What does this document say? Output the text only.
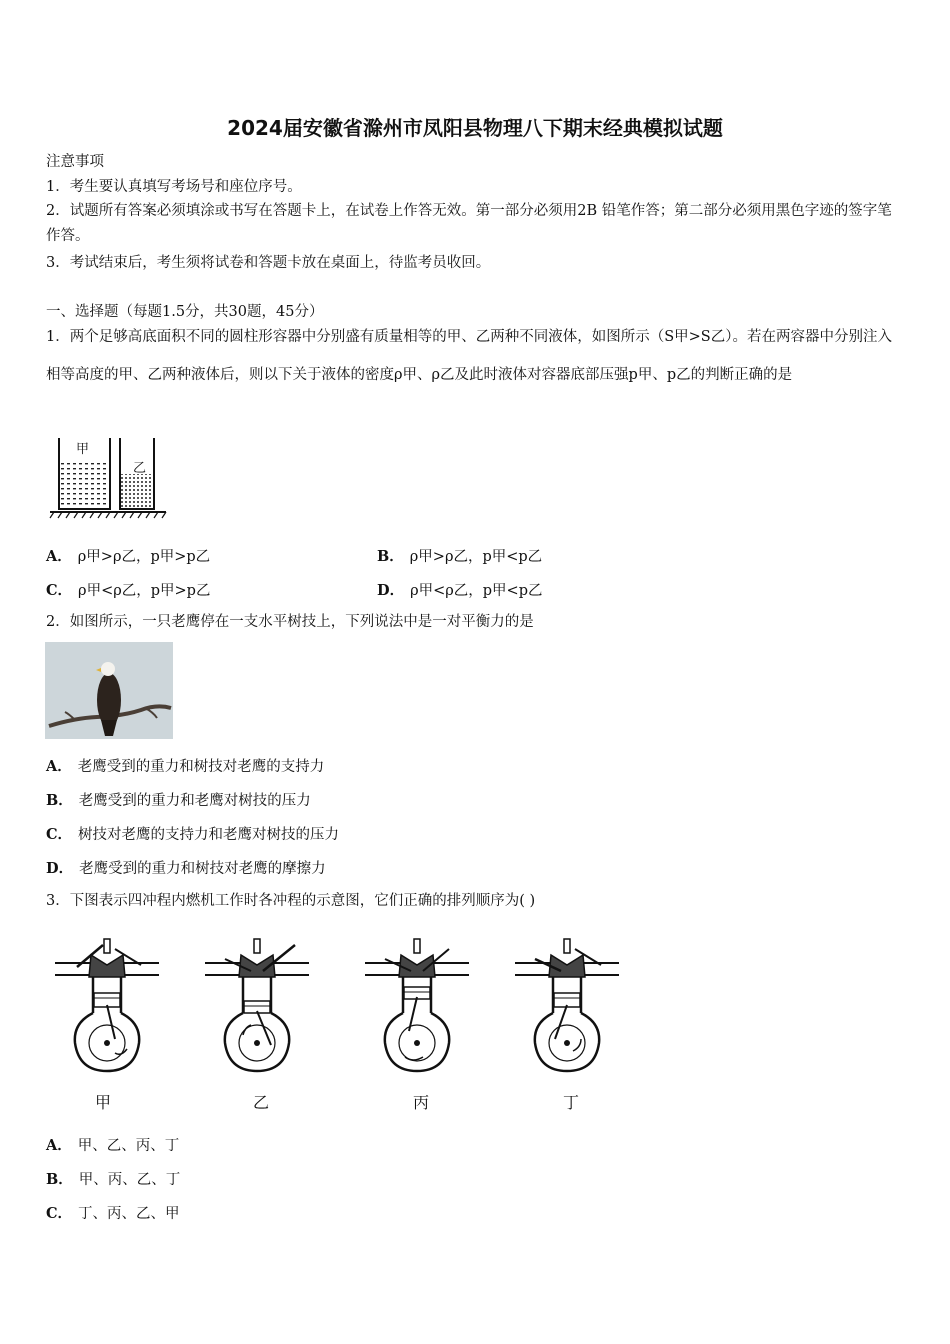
2024届安徽省滁州市凤阳县物理八下期末经典模拟试题
注意事项
1．考生要认真填写考场号和座位序号。
2．试题所有答案必须填涂或书写在答题卡上，在试卷上作答无效。第一部分必须用2B 铅笔作答；第二部分必须用黑色字迹的签字笔作答。
3．考试结束后，考生须将试卷和答题卡放在桌面上，待监考员收回。
一、选择题（每题1.5分，共30题，45分）
1．两个足够高底面积不同的圆柱形容器中分别盛有质量相等的甲、乙两种不同液体，如图所示（S甲>S乙）。若在两容器中分别注入相等高度的甲、乙两种液体后，则以下关于液体的密度ρ甲、ρ乙及此时液体对容器底部压强p甲、p乙的判断正确的是
甲
乙
A． ρ甲>ρ乙，p甲>p乙	B． ρ甲>ρ乙，p甲<p乙
C． ρ甲<ρ乙，p甲>p乙	D． ρ甲<ρ乙，p甲<p乙
2．如图所示，一只老鹰停在一支水平树技上，下列说法中是一对平衡力的是
A． 老鹰受到的重力和树技对老鹰的支持力
B． 老鹰受到的重力和老鹰对树技的压力
C． 树技对老鹰的支持力和老鹰对树技的压力
D． 老鹰受到的重力和树技对老鹰的摩擦力
3．下图表示四冲程内燃机工作时各冲程的示意图，它们正确的排列顺序为( )
甲	乙	丙	丁
A． 甲、乙、丙、丁
B． 甲、丙、乙、丁
C． 丁、丙、乙、甲
